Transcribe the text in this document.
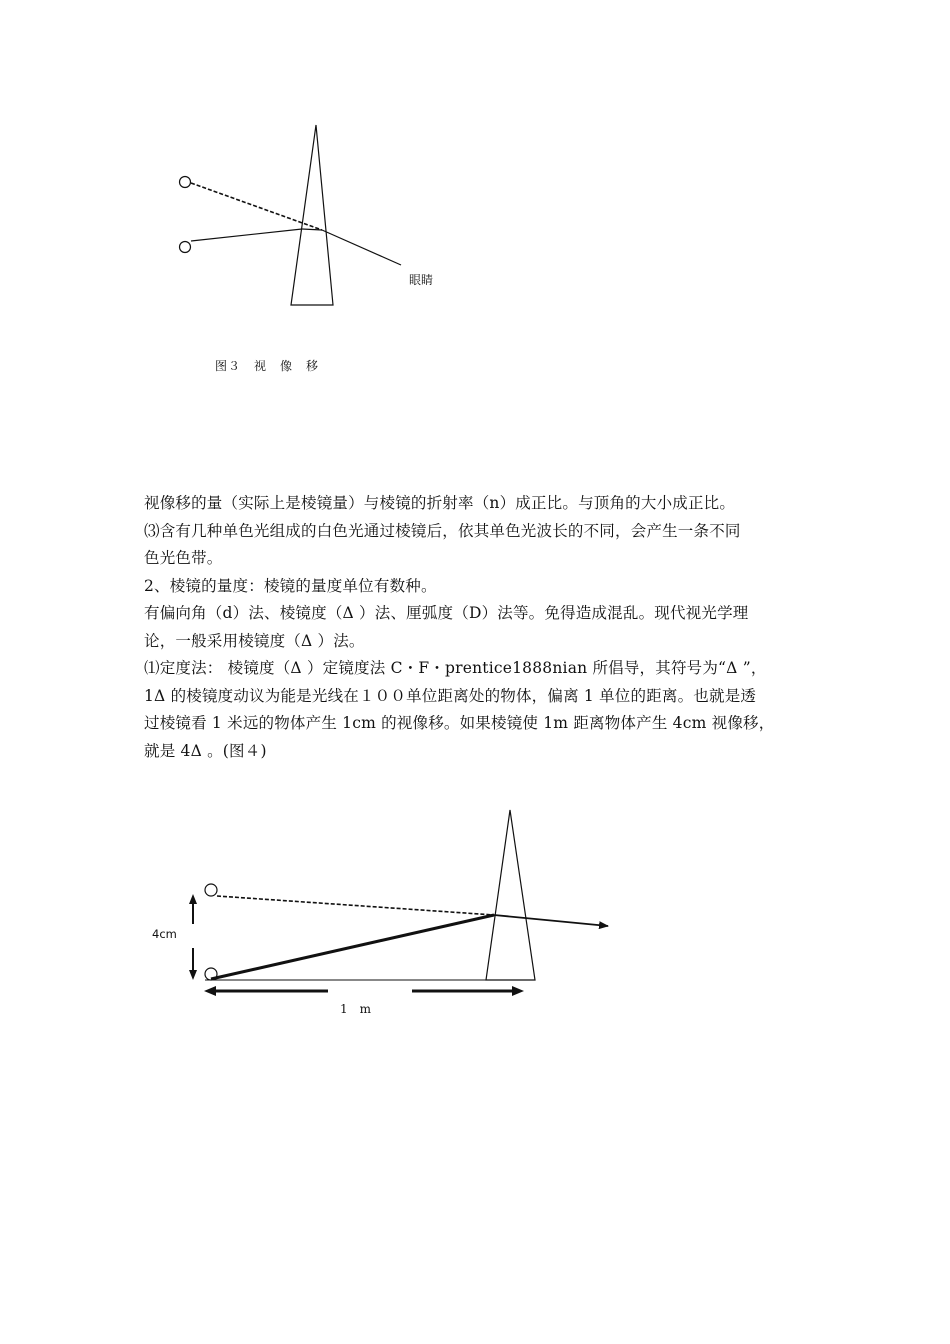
眼睛
图３　视　像　移

视像移的量（实际上是棱镜量）与棱镜的折射率（n）成正比。与顶角的大小成正比。

⑶含有几种单色光组成的白色光通过棱镜后，依其单色光波长的不同，会产生一条不同

色光色带。

2、棱镜的量度：棱镜的量度单位有数种。

有偏向角（d）法、棱镜度（Δ ）法、厘弧度（D）法等。免得造成混乱。现代视光学理

论，一般采用棱镜度（Δ ）法。

⑴定度法： 棱镜度（Δ ）定镜度法 C・F・prentice1888nian 所倡导，其符号为“Δ ”，

1Δ 的棱镜度动议为能是光线在１００单位距离处的物体，偏离 1 单位的距离。也就是透

过棱镜看 1 米远的物体产生 1cm 的视像移。如果棱镜使 1m 距离物体产生 4cm 视像移，

就是 4Δ 。(图４)

4cm
1　m
